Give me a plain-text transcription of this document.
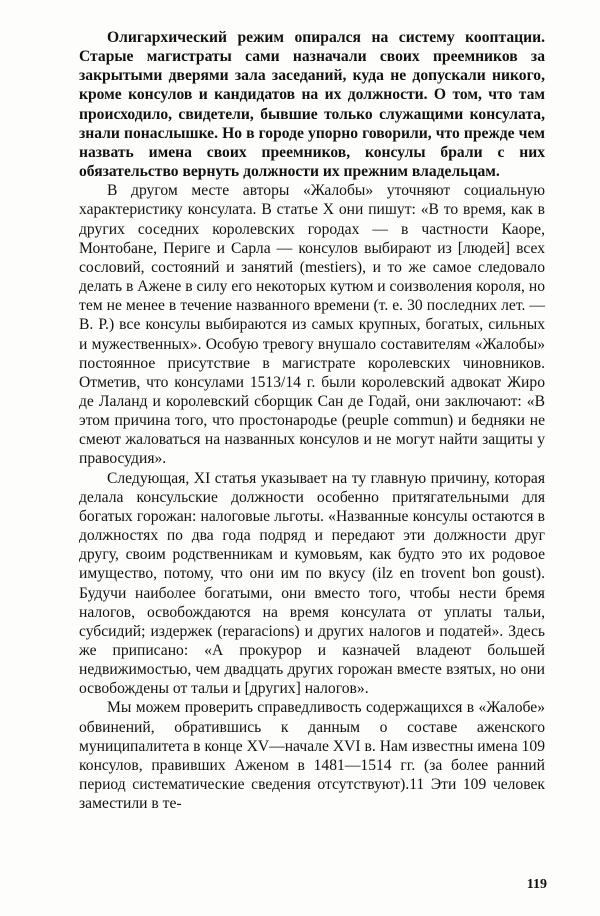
Олигархический режим опирался на систему кооптации. Старые магистраты сами назначали своих преемников за закрытыми дверями зала заседаний, куда не допускали никого, кроме консулов и кандидатов на их должности. О том, что там происходило, свидетели, бывшие только служащими консулата, знали понаслышке. Но в городе упорно говорили, что прежде чем назвать имена своих преемников, консулы брали с них обязательство вернуть должности их прежним владельцам.

В другом месте авторы «Жалобы» уточняют социальную характеристику консулата. В статье X они пишут: «В то время, как в других соседних королевских городах — в частности Каоре, Монтобане, Периге и Сарла — консулов выбирают из [людей] всех сословий, состояний и занятий (mestiers), и то же самое следовало делать в Ажене в силу его некоторых кутюм и соизволения короля, но тем не менее в течение названного времени (т. е. 30 последних лет. — В. Р.) все консулы выбираются из самых крупных, богатых, сильных и мужественных». Особую тревогу внушало составителям «Жалобы» постоянное присутствие в магистрате королевских чиновников. Отметив, что консулами 1513/14 г. были королевский адвокат Жиро де Лаланд и королевский сборщик Сан де Годай, они заключают: «В этом причина того, что простонародье (peuple commun) и бедняки не смеют жаловаться на названных консулов и не могут найти защиты у правосудия».

Следующая, XI статья указывает на ту главную причину, которая делала консульские должности особенно притягательными для богатых горожан: налоговые льготы. «Названные консулы остаются в должностях по два года подряд и передают эти должности друг другу, своим родственникам и кумовьям, как будто это их родовое имущество, потому, что они им по вкусу (ilz en trovent bon goust). Будучи наиболее богатыми, они вместо того, чтобы нести бремя налогов, освобождаются на время консулата от уплаты тальи, субсидий; издержек (reparacions) и других налогов и податей». Здесь же приписано: «А прокурор и казначей владеют большей недвижимостью, чем двадцать других горожан вместе взятых, но они освобождены от тальи и [других] налогов».

Мы можем проверить справедливость содержащихся в «Жалобе» обвинений, обратившись к данным о составе аженского муниципалитета в конце XV—начале XVI в. Нам известны имена 109 консулов, правивших Аженом в 1481—1514 гг. (за более ранний период систематические сведения отсутствуют).11 Эти 109 человек заместили в те-

119
